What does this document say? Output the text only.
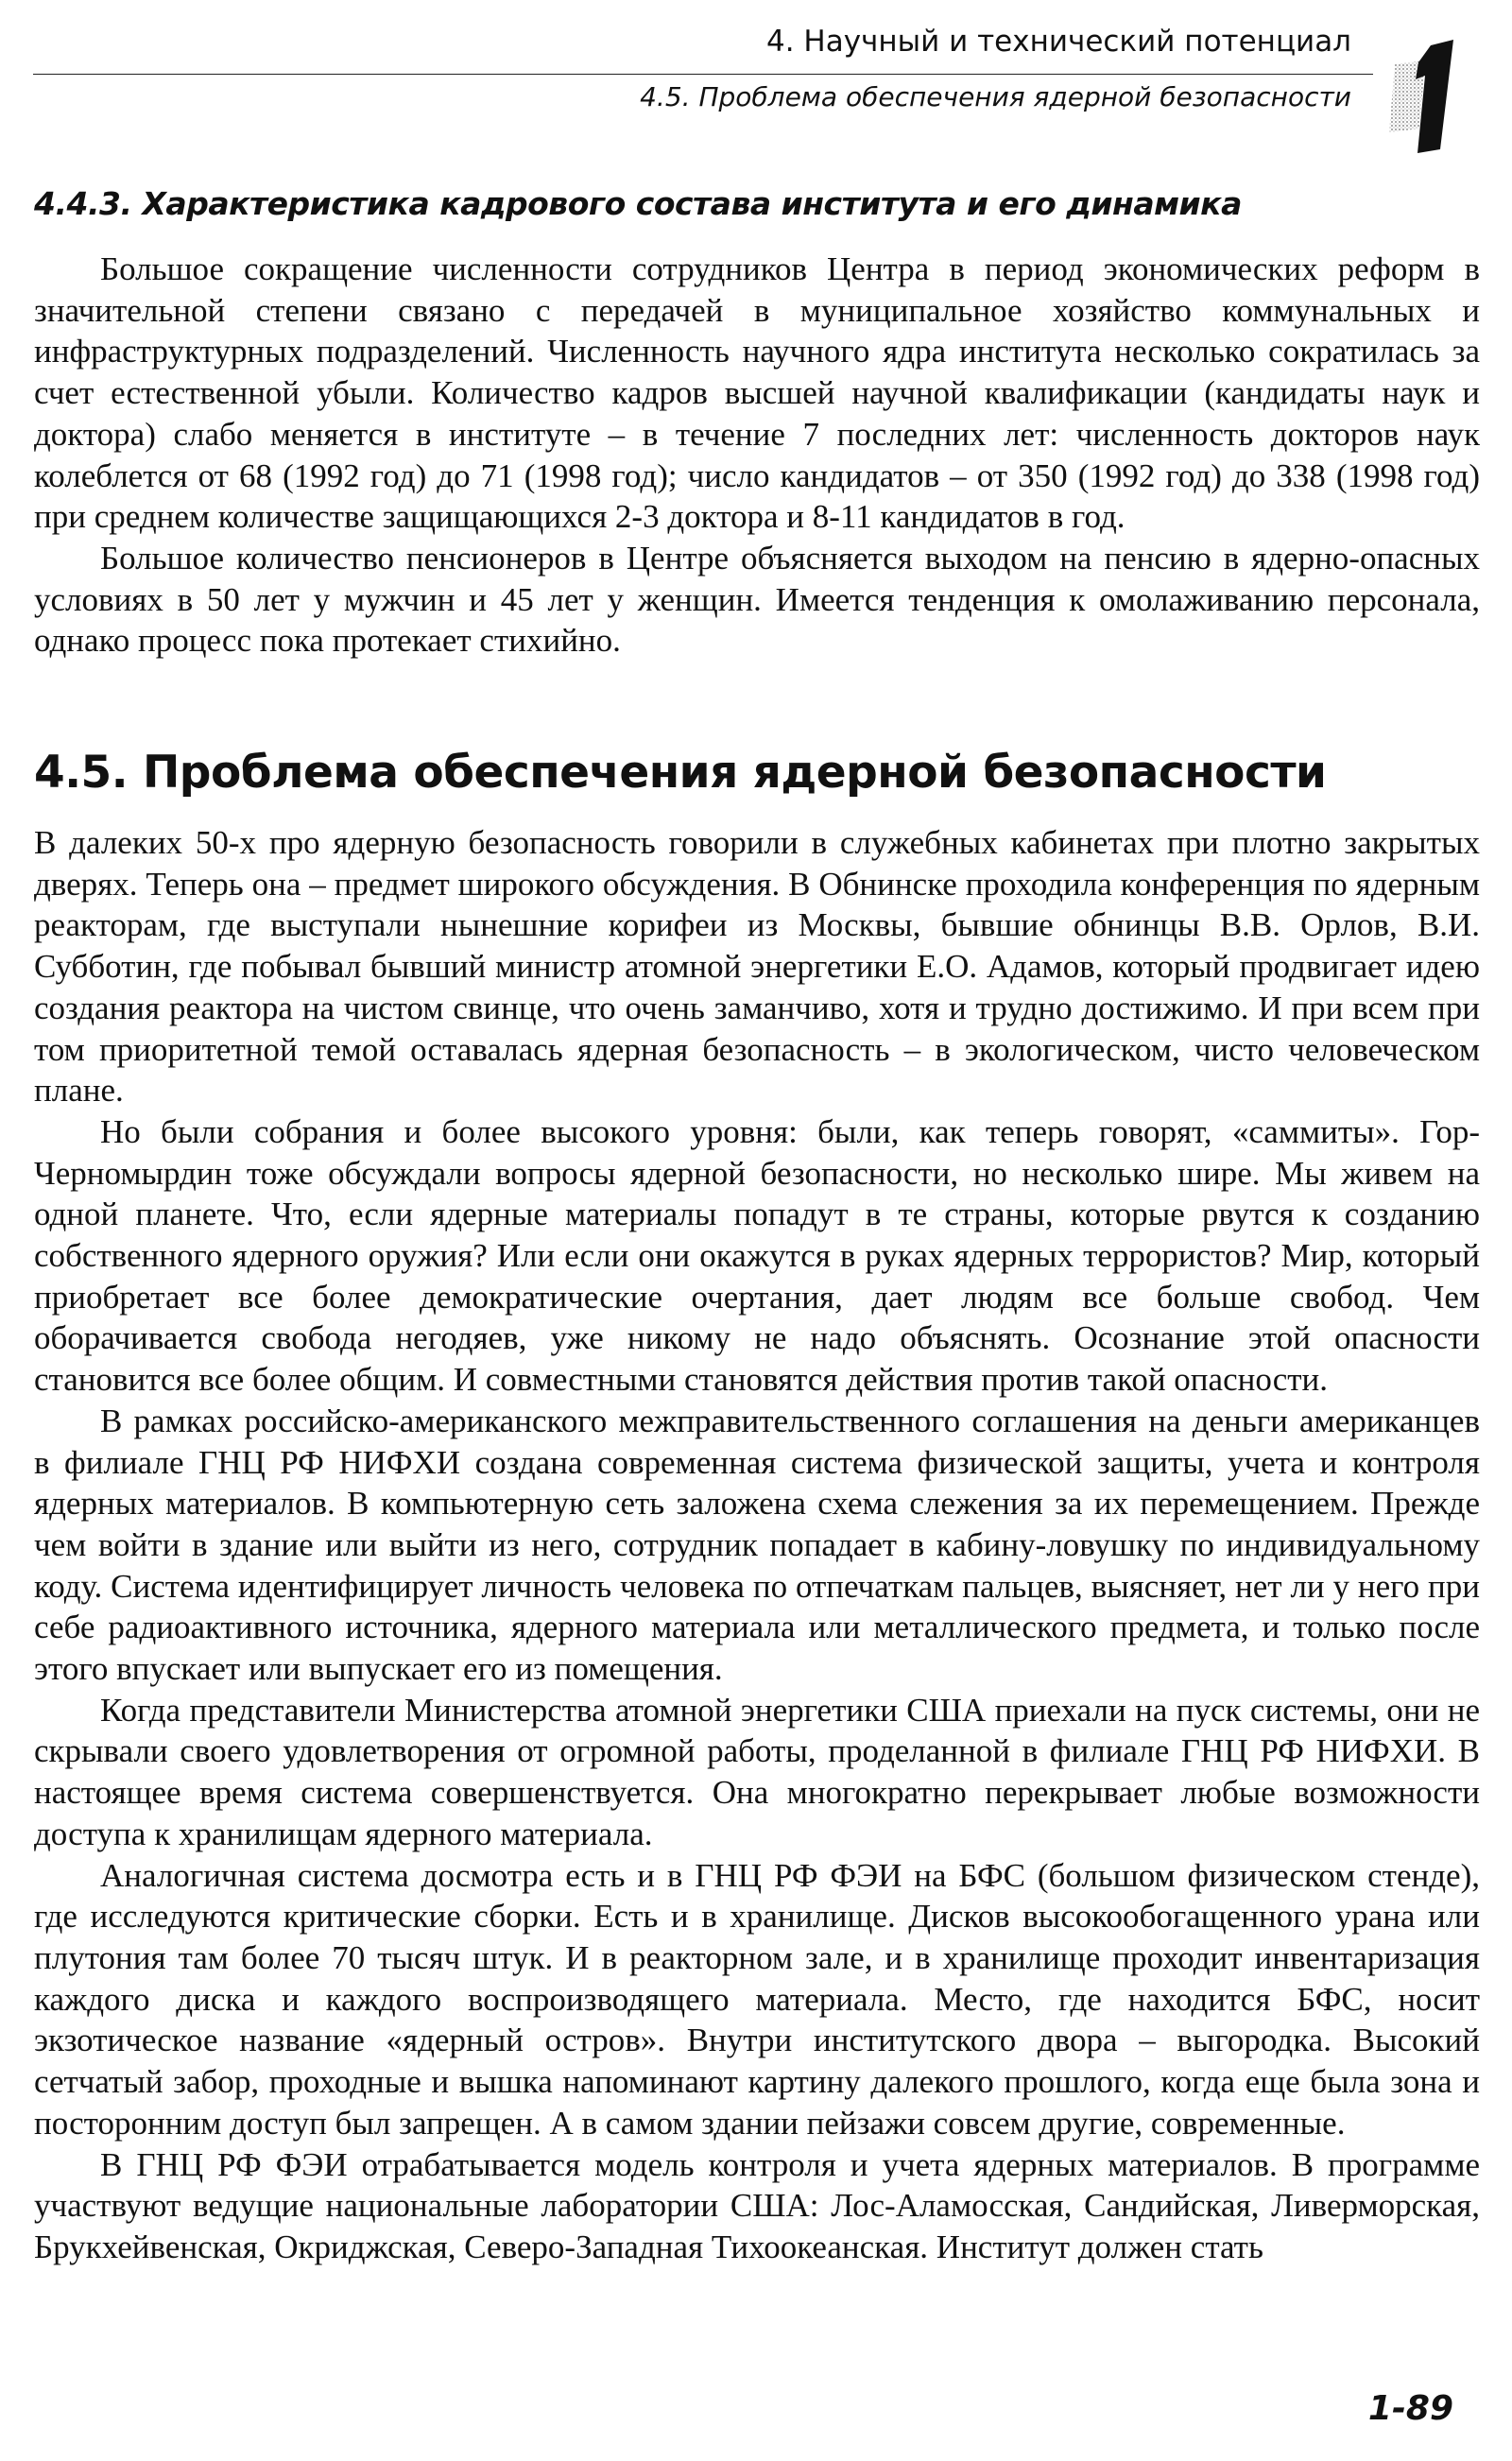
4. Научный и технический потенциал
4.5. Проблема обеспечения ядерной безопасности
4.4.3. Характеристика кадрового состава института и его динамика

Большое сокращение численности сотрудников Центра в период экономических реформ в значительной степени связано с передачей в муниципальное хозяйство коммунальных и инфраструктурных подразделений. Численность научного ядра института несколько сократилась за счет естественной убыли. Количество кадров высшей научной квалификации (кандидаты наук и доктора) слабо меняется в институте – в течение 7 последних лет: численность докторов наук колеблется от 68 (1992 год) до 71 (1998 год); число кандидатов – от 350 (1992 год) до 338 (1998 год) при среднем количестве защищающихся 2-3 доктора и 8-11 кандидатов в год.

Большое количество пенсионеров в Центре объясняется выходом на пенсию в ядерно-опасных условиях в 50 лет у мужчин и 45 лет у женщин. Имеется тенденция к омолаживанию персонала, однако процесс пока протекает стихийно.

4.5. Проблема обеспечения ядерной безопасности

В далеких 50-х про ядерную безопасность говорили в служебных кабинетах при плотно закрытых дверях. Теперь она – предмет широкого обсуждения. В Обнинске проходила конференция по ядерным реакторам, где выступали нынешние корифеи из Москвы, бывшие обнинцы В.В. Орлов, В.И. Субботин, где побывал бывший министр атомной энергетики Е.О. Адамов, который продвигает идею создания реактора на чистом свинце, что очень заманчиво, хотя и трудно достижимо. И при всем при том приоритетной темой оставалась ядерная безопасность – в экологическом, чисто человеческом плане.

Но были собрания и более высокого уровня: были, как теперь говорят, «саммиты». Гор-Черномырдин тоже обсуждали вопросы ядерной безопасности, но несколько шире. Мы живем на одной планете. Что, если ядерные материалы попадут в те страны, которые рвутся к созданию собственного ядерного оружия? Или если они окажутся в руках ядерных террористов? Мир, который приобретает все более демократические очертания, дает людям все больше свобод. Чем оборачивается свобода негодяев, уже никому не надо объяснять. Осознание этой опасности становится все более общим. И совместными становятся действия против такой опасности.

В рамках российско-американского межправительственного соглашения на деньги американцев в филиале ГНЦ РФ НИФХИ создана современная система физической защиты, учета и контроля ядерных материалов. В компьютерную сеть заложена схема слежения за их перемещением. Прежде чем войти в здание или выйти из него, сотрудник попадает в кабину-ловушку по индивидуальному коду. Система идентифицирует личность человека по отпечаткам пальцев, выясняет, нет ли у него при себе радиоактивного источника, ядерного материала или металлического предмета, и только после этого впускает или выпускает его из помещения.

Когда представители Министерства атомной энергетики США приехали на пуск системы, они не скрывали своего удовлетворения от огромной работы, проделанной в филиале ГНЦ РФ НИФХИ. В настоящее время система совершенствуется. Она многократно перекрывает любые возможности доступа к хранилищам ядерного материала.

Аналогичная система досмотра есть и в ГНЦ РФ ФЭИ на БФС (большом физическом стенде), где исследуются критические сборки. Есть и в хранилище. Дисков высокообогащенного урана или плутония там более 70 тысяч штук. И в реакторном зале, и в хранилище проходит инвентаризация каждого диска и каждого воспроизводящего материала. Место, где находится БФС, носит экзотическое название «ядерный остров». Внутри институтского двора – выгородка. Высокий сетчатый забор, проходные и вышка напоминают картину далекого прошлого, когда еще была зона и посторонним доступ был запрещен. А в самом здании пейзажи совсем другие, современные.

В ГНЦ РФ ФЭИ отрабатывается модель контроля и учета ядерных материалов. В программе участвуют ведущие национальные лаборатории США: Лос-Аламосская, Сандийская, Ливерморская, Брукхейвенская, Окриджская, Северо-Западная Тихоокеанская. Институт должен стать

1-89
